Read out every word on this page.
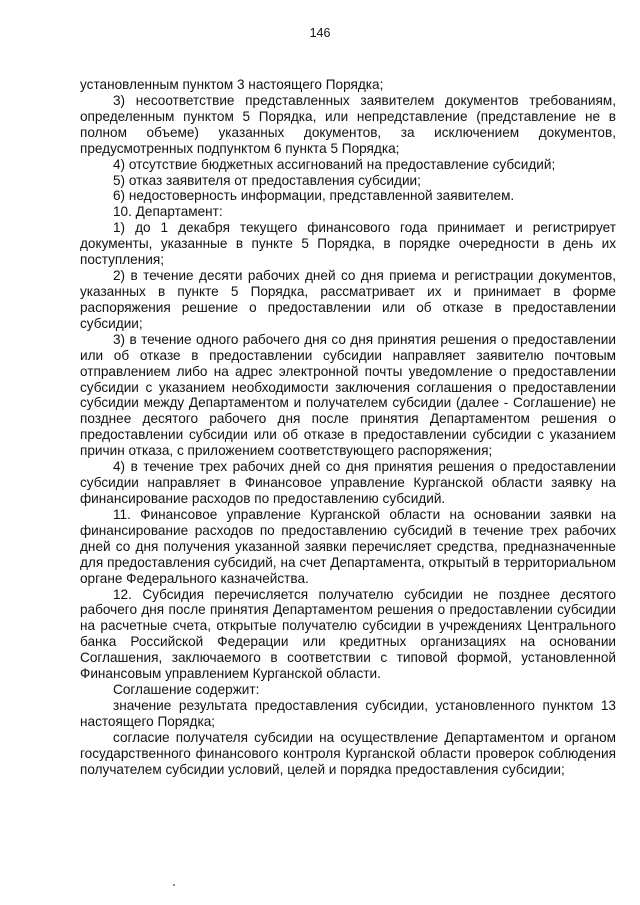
146

установленным пунктом 3 настоящего Порядка;

3) несоответствие представленных заявителем документов требованиям, определенным пунктом 5 Порядка, или непредставление (представление не в полном объеме) указанных документов, за исключением документов, предусмотренных подпунктом 6 пункта 5 Порядка;

4) отсутствие бюджетных ассигнований на предоставление субсидий;

5) отказ заявителя от предоставления субсидии;

6) недостоверность информации, представленной заявителем.

10. Департамент:

1) до 1 декабря текущего финансового года принимает и регистрирует документы, указанные в пункте 5 Порядка, в порядке очередности в день их поступления;

2) в течение десяти рабочих дней со дня приема и регистрации документов, указанных в пункте 5 Порядка, рассматривает их и принимает в форме распоряжения решение о предоставлении или об отказе в предоставлении субсидии;

3) в течение одного рабочего дня со дня принятия решения о предоставлении или об отказе в предоставлении субсидии направляет заявителю почтовым отправлением либо на адрес электронной почты уведомление о предоставлении субсидии с указанием необходимости заключения соглашения о предоставлении субсидии между Департаментом и получателем субсидии (далее - Соглашение) не позднее десятого рабочего дня после принятия Департаментом решения о предоставлении субсидии или об отказе в предоставлении субсидии с указанием причин отказа, с приложением соответствующего распоряжения;

4) в течение трех рабочих дней со дня принятия решения о предоставлении субсидии направляет в Финансовое управление Курганской области заявку на финансирование расходов по предоставлению субсидий.

11. Финансовое управление Курганской области на основании заявки на финансирование расходов по предоставлению субсидий в течение трех рабочих дней со дня получения указанной заявки перечисляет средства, предназначенные для предоставления субсидий, на счет Департамента, открытый в территориальном органе Федерального казначейства.

12. Субсидия перечисляется получателю субсидии не позднее десятого рабочего дня после принятия Департаментом решения о предоставлении субсидии на расчетные счета, открытые получателю субсидии в учреждениях Центрального банка Российской Федерации или кредитных организациях на основании Соглашения, заключаемого в соответствии с типовой формой, установленной Финансовым управлением Курганской области.

Соглашение содержит:

значение результата предоставления субсидии, установленного пунктом 13 настоящего Порядка;

согласие получателя субсидии на осуществление Департаментом и органом государственного финансового контроля Курганской области проверок соблюдения получателем субсидии условий, целей и порядка предоставления субсидии;
